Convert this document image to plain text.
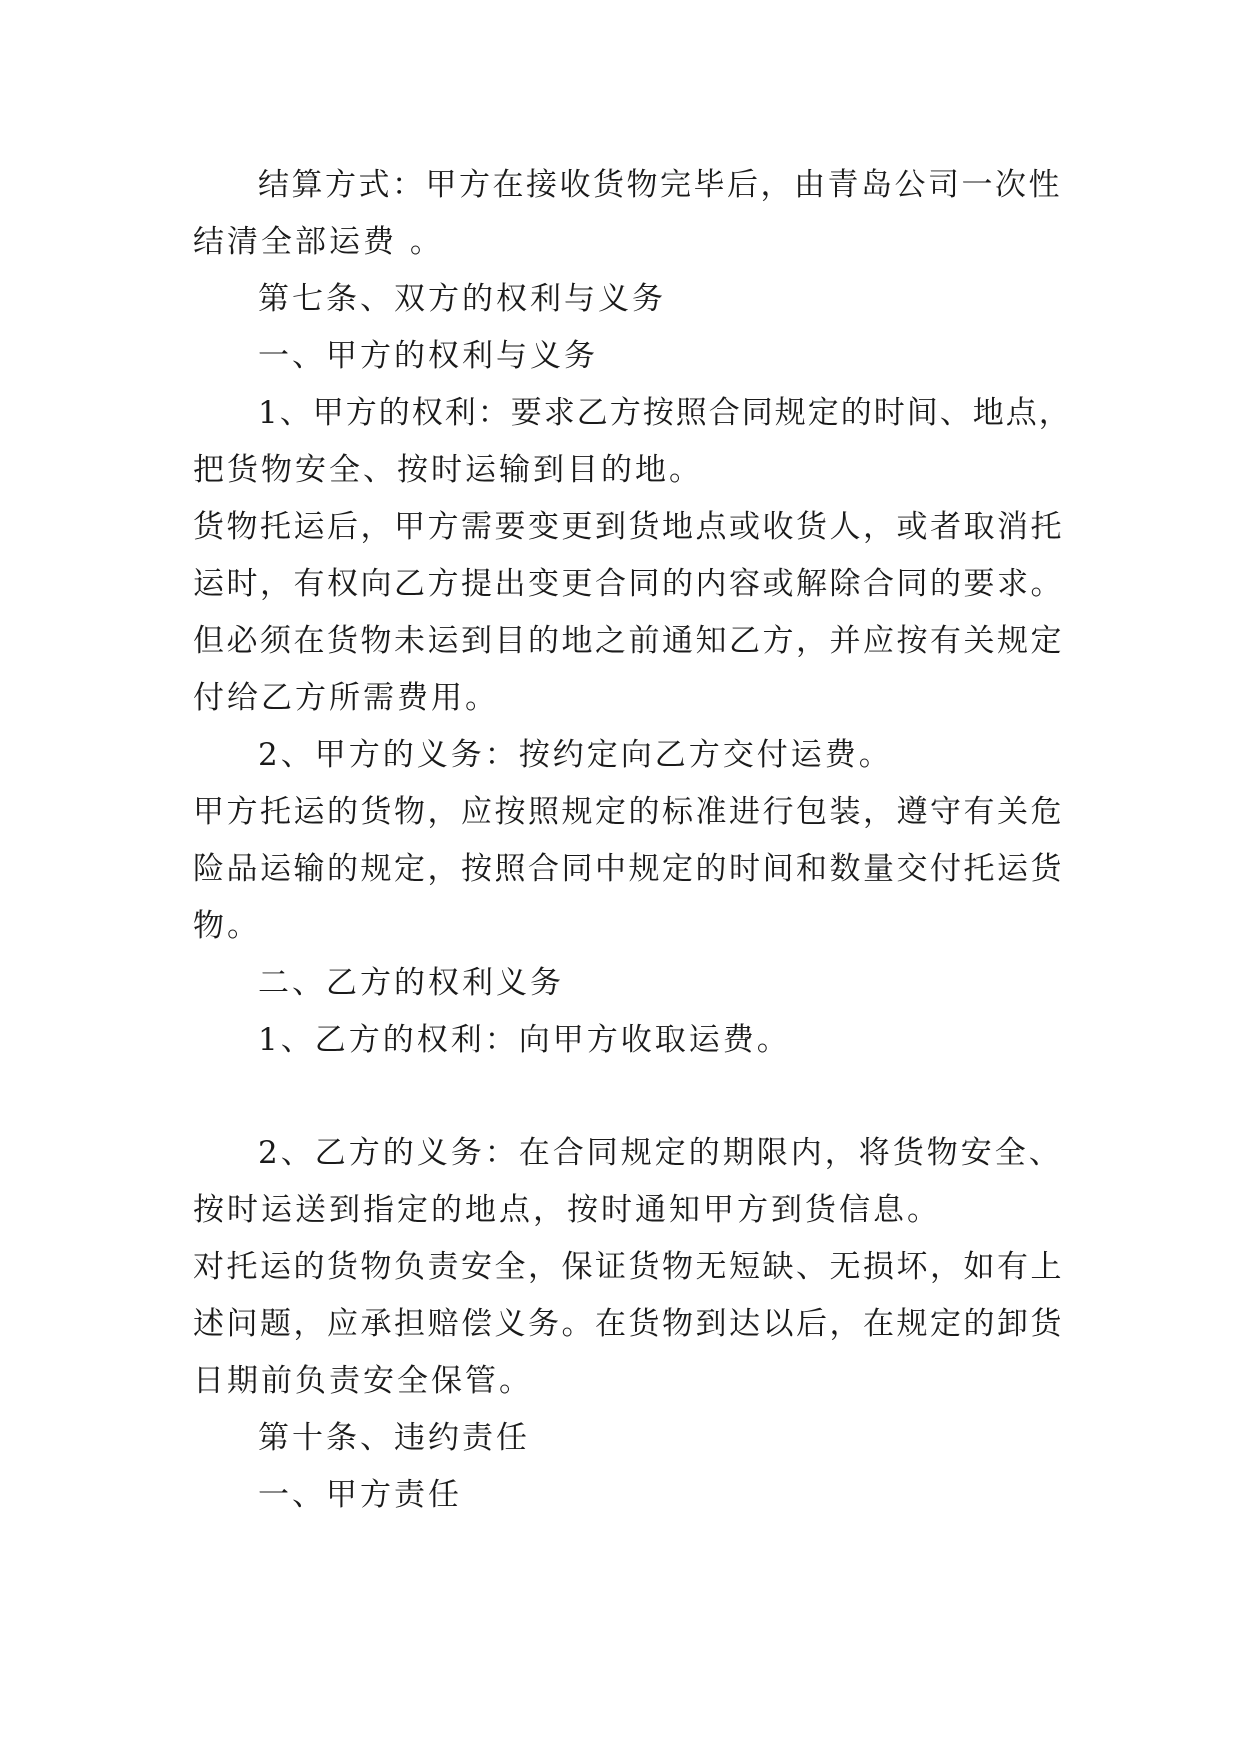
结算方式：甲方在接收货物完毕后，由青岛公司一次性

结清全部运费 。

第七条、双方的权利与义务

一、甲方的权利与义务

1、甲方的权利：要求乙方按照合同规定的时间、地点，

把货物安全、按时运输到目的地。

货物托运后，甲方需要变更到货地点或收货人，或者取消托

运时，有权向乙方提出变更合同的内容或解除合同的要求。

但必须在货物未运到目的地之前通知乙方，并应按有关规定

付给乙方所需费用。

2、甲方的义务：按约定向乙方交付运费。

甲方托运的货物，应按照规定的标准进行包装，遵守有关危

险品运输的规定，按照合同中规定的时间和数量交付托运货

物。

二、乙方的权利义务

1、乙方的权利：向甲方收取运费。

2、乙方的义务：在合同规定的期限内，将货物安全、

按时运送到指定的地点，按时通知甲方到货信息。

对托运的货物负责安全，保证货物无短缺、无损坏，如有上

述问题，应承担赔偿义务。在货物到达以后，在规定的卸货

日期前负责安全保管。

第十条、违约责任

一、甲方责任
